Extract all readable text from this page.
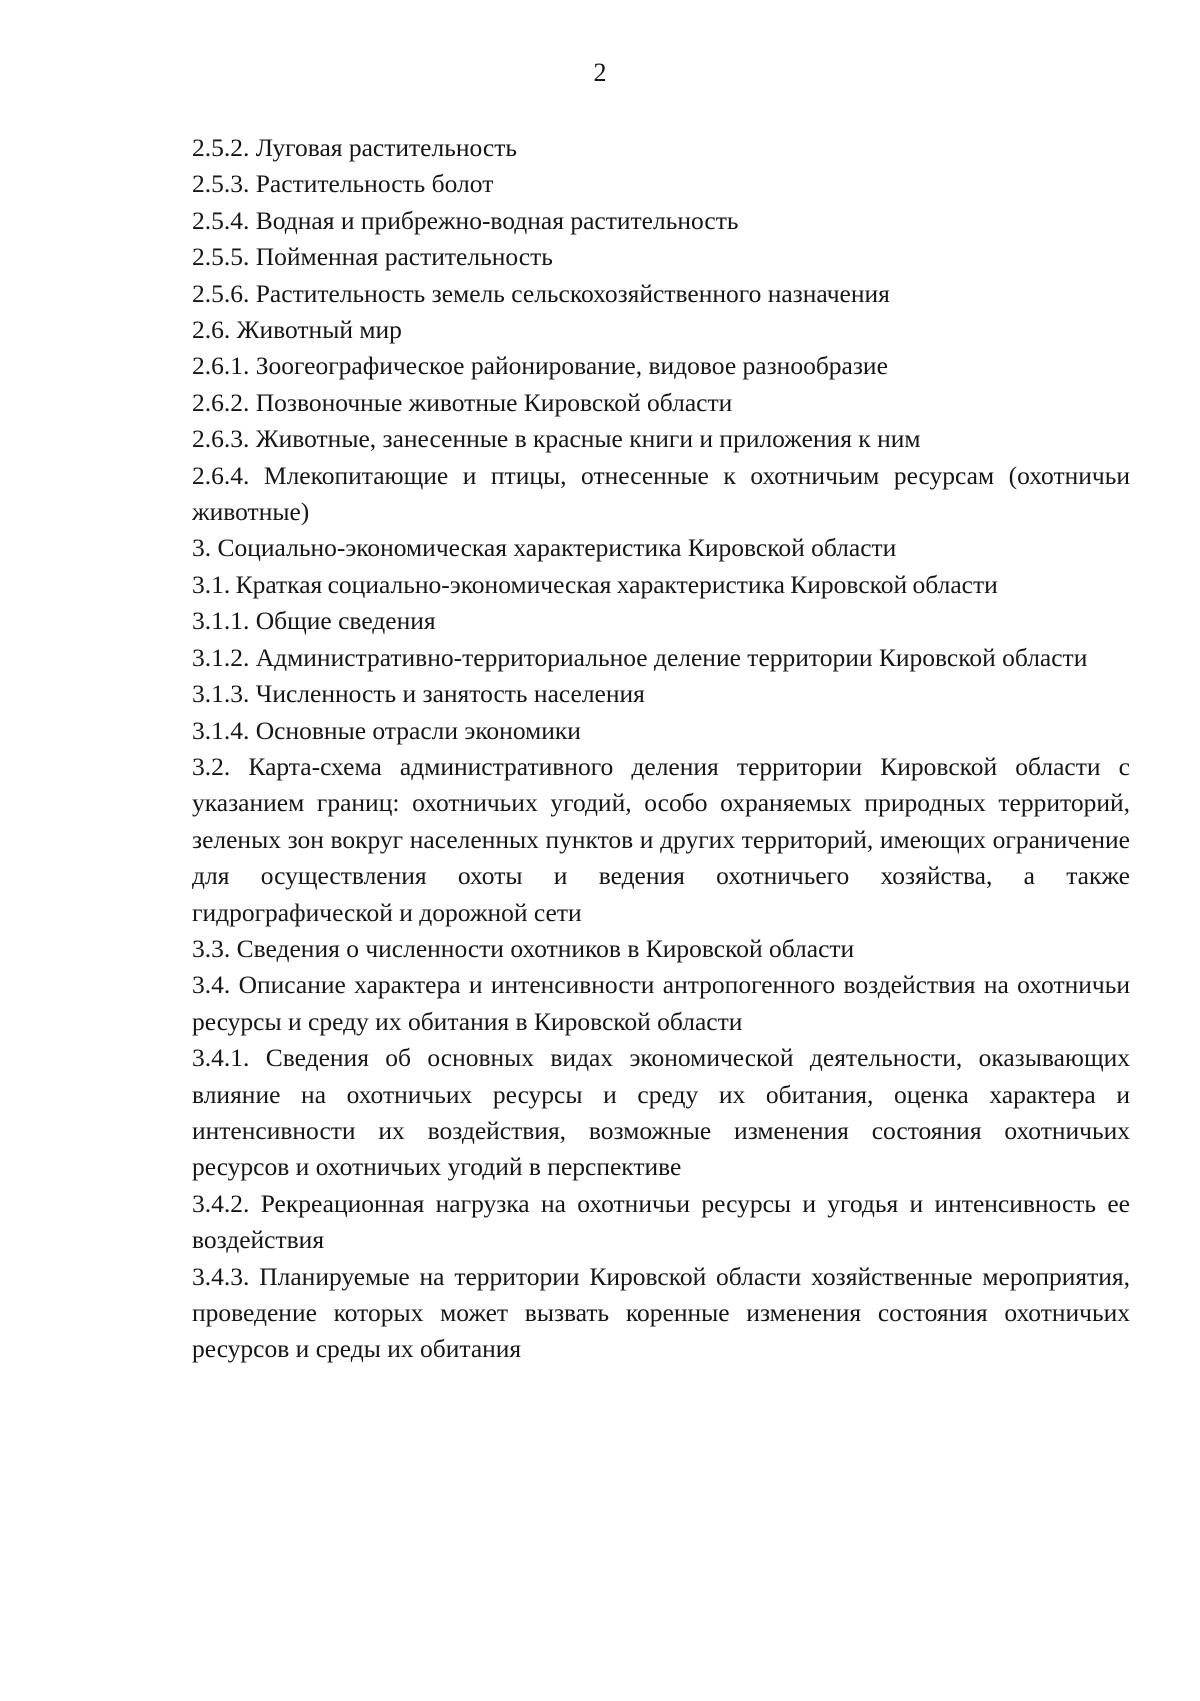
2
2.5.2. Луговая растительность
2.5.3. Растительность болот
2.5.4. Водная и прибрежно-водная растительность
2.5.5. Пойменная растительность
2.5.6. Растительность земель сельскохозяйственного назначения
2.6. Животный мир
2.6.1. Зоогеографическое районирование, видовое разнообразие
2.6.2. Позвоночные животные Кировской области
2.6.3. Животные, занесенные в красные книги и приложения к ним
2.6.4. Млекопитающие и птицы, отнесенные к охотничьим ресурсам (охотничьи животные)
3. Социально-экономическая характеристика Кировской области
3.1. Краткая социально-экономическая характеристика Кировской области
3.1.1. Общие сведения
3.1.2. Административно-территориальное деление территории Кировской области
3.1.3. Численность и занятость населения
3.1.4. Основные отрасли экономики
3.2. Карта-схема административного деления территории Кировской области с указанием границ: охотничьих угодий, особо охраняемых природных территорий, зеленых зон вокруг населенных пунктов и других территорий, имеющих ограничение для осуществления охоты и ведения охотничьего хозяйства, а также гидрографической и дорожной сети
3.3. Сведения о численности охотников в Кировской области
3.4. Описание характера и интенсивности антропогенного воздействия на охотничьи ресурсы и среду их обитания в Кировской области
3.4.1. Сведения об основных видах экономической деятельности, оказывающих влияние на охотничьих ресурсы и среду их обитания, оценка характера и интенсивности их воздействия, возможные изменения состояния охотничьих ресурсов и охотничьих угодий в перспективе
3.4.2. Рекреационная нагрузка на охотничьи ресурсы и угодья и интенсивность ее воздействия
3.4.3. Планируемые на территории Кировской области хозяйственные мероприятия, проведение которых может вызвать коренные изменения состояния охотничьих ресурсов и среды их обитания
